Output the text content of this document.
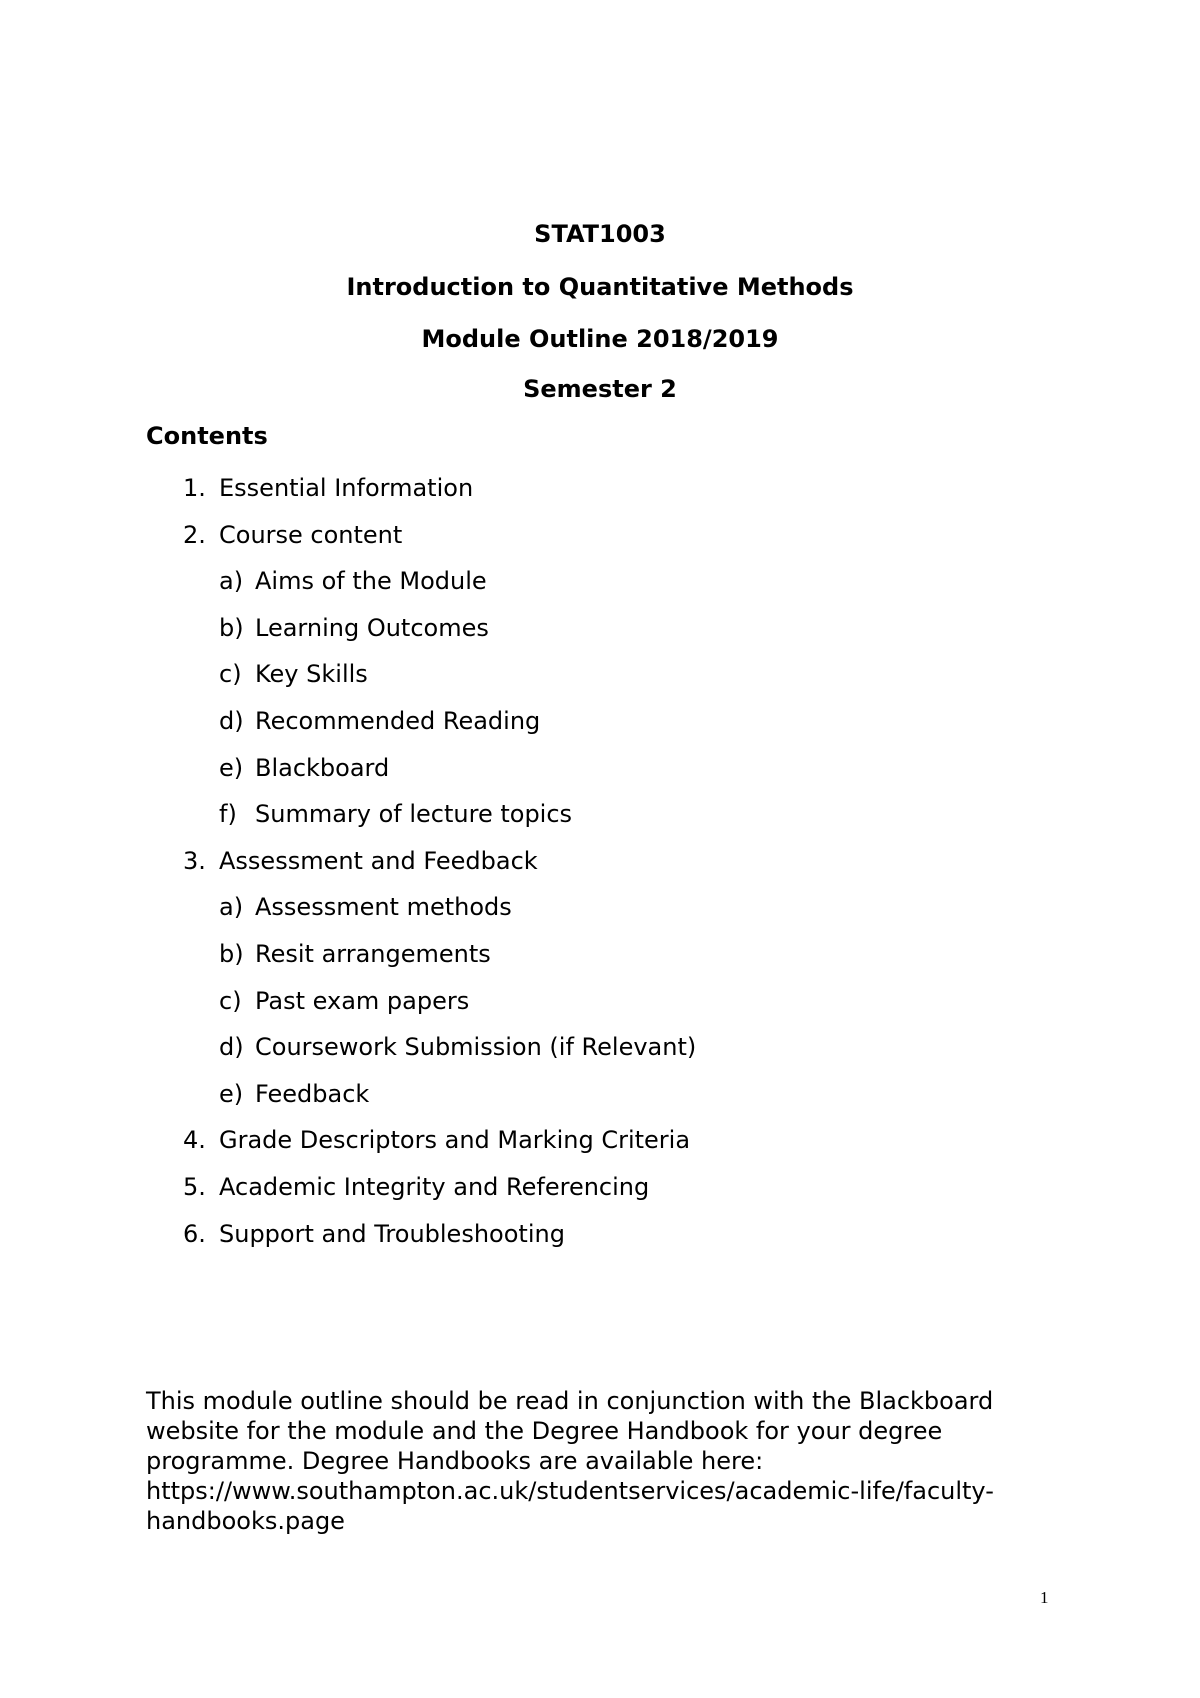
STAT1003
Introduction to Quantitative Methods
Module Outline 2018/2019
Semester 2
Contents
1. Essential Information
2. Course content
a) Aims of the Module
b) Learning Outcomes
c) Key Skills
d) Recommended Reading
e) Blackboard
f) Summary of lecture topics
3. Assessment and Feedback
a) Assessment methods
b) Resit arrangements
c) Past exam papers
d) Coursework Submission (if Relevant)
e) Feedback
4. Grade Descriptors and Marking Criteria
5. Academic Integrity and Referencing
6. Support and Troubleshooting

This module outline should be read in conjunction with the Blackboard
website for the module and the Degree Handbook for your degree
programme. Degree Handbooks are available here:
https://www.southampton.ac.uk/studentservices/academic-life/faculty-
handbooks.page

1
